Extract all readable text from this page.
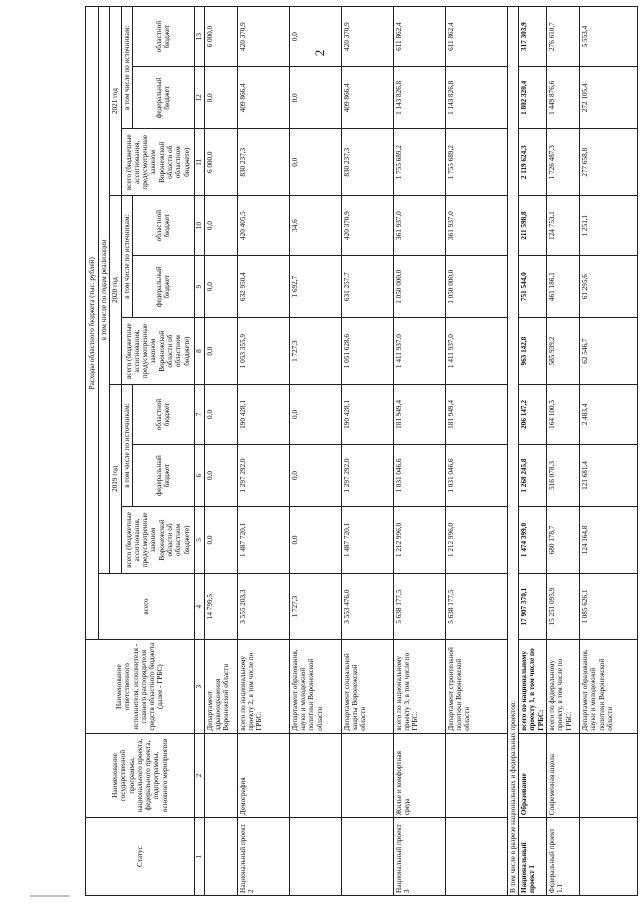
2
Статус	Наименование государственной программы, национального проекта, федерального проекта, подпрограммы, основного мероприятия	Наименование ответственного исполнителя, исполнителя - главного распорядителя средств областного бюджета (далее - ГРБС)	Расходы областного бюджета (тыс. рублей)									
			всего	в том числе по годам реализации								
				2019 год			2020 год			2021 год		
				всего (бюджетные ассигнования, предусмотренные законом Воронежской области об областном бюджете)	в том числе по источникам:		всего (бюджетные ассигнования, предусмотренные законом Воронежской области об областном бюджете)	в том числе по источникам:		всего (бюджетные ассигнования, предусмотренные законом Воронежской области об областном бюджете)	в том числе по источникам:	
					федеральный бюджет	областной бюджет		федеральный бюджет	областной бюджет		федеральный бюджет	областной бюджет
1	2	3	4	5	6	7	8	9	10	11	12	13
		Департамент здравоохранения Воронежской области	14 799,5	0,0	0,0	0,0	0,0	0,0	0,0	6 000,0	0,0	6 000,0
Национальный проект 2	Демография	всего по национальному проекту 2, в том числе по ГРБС:	3 555 203,3	1 487 720,1	1 297 292,0	190 428,1	1 053 355,9	632 950,4	420 405,5	830 237,3	409 866,4	420 370,9
		Департамент образования, науки и молодежной политики Воронежской области	1 727,3	0,0	0,0	0,0	1 727,3	1 692,7	34,6	0,0	0,0	0,0
		Департамент социальной защиты Воронежской области	3 553 476,0	1 487 720,1	1 297 292,0	190 428,1	1 051 628,6	631 257,7	420 370,9	830 237,3	409 866,4	420 370,9
Национальный проект 3	Жилье и комфортная среда	всего по национальному проекту 3, в том числе по ГРБС:	5 638 177,5	1 212 996,0	1 031 046,6	181 949,4	1 411 937,0	1 050 000,0	361 937,0	1 755 689,2	1 143 826,8	611 862,4
		Департамент строительной политики Воронежской области	5 638 177,5	1 212 996,0	1 031 046,6	181 949,4	1 411 937,0	1 050 000,0	361 937,0	1 755 689,2	1 143 826,8	611 862,4
В том числе в разрезе национальных и федеральных проектов:												
Национальный проект 1	Образование	всего по национальному проекту 1, в том числе по ГРБС:	17 907 370,1	1 474 399,0	1 268 245,8	206 147,2	963 142,8	751 544,0	211 598,8	2 119 624,3	1 802 320,4	317 303,9
Федеральный проект 1.1	Современная школа	всего по федеральному проекту, в том числе по ГРБС:	15 251 095,9	680 178,7	516 078,3	164 100,5	585 939,2	461 186,1	124 753,1	1 726 487,3	1 449 876,6	276 610,7
		Департамент образования, науки и молодежной политики Воронежской области	1 085 626,1	124 164,8	121 681,4	2 483,4	62 546,7	61 295,6	1 251,1	277 658,8	272 105,4	5 553,4
